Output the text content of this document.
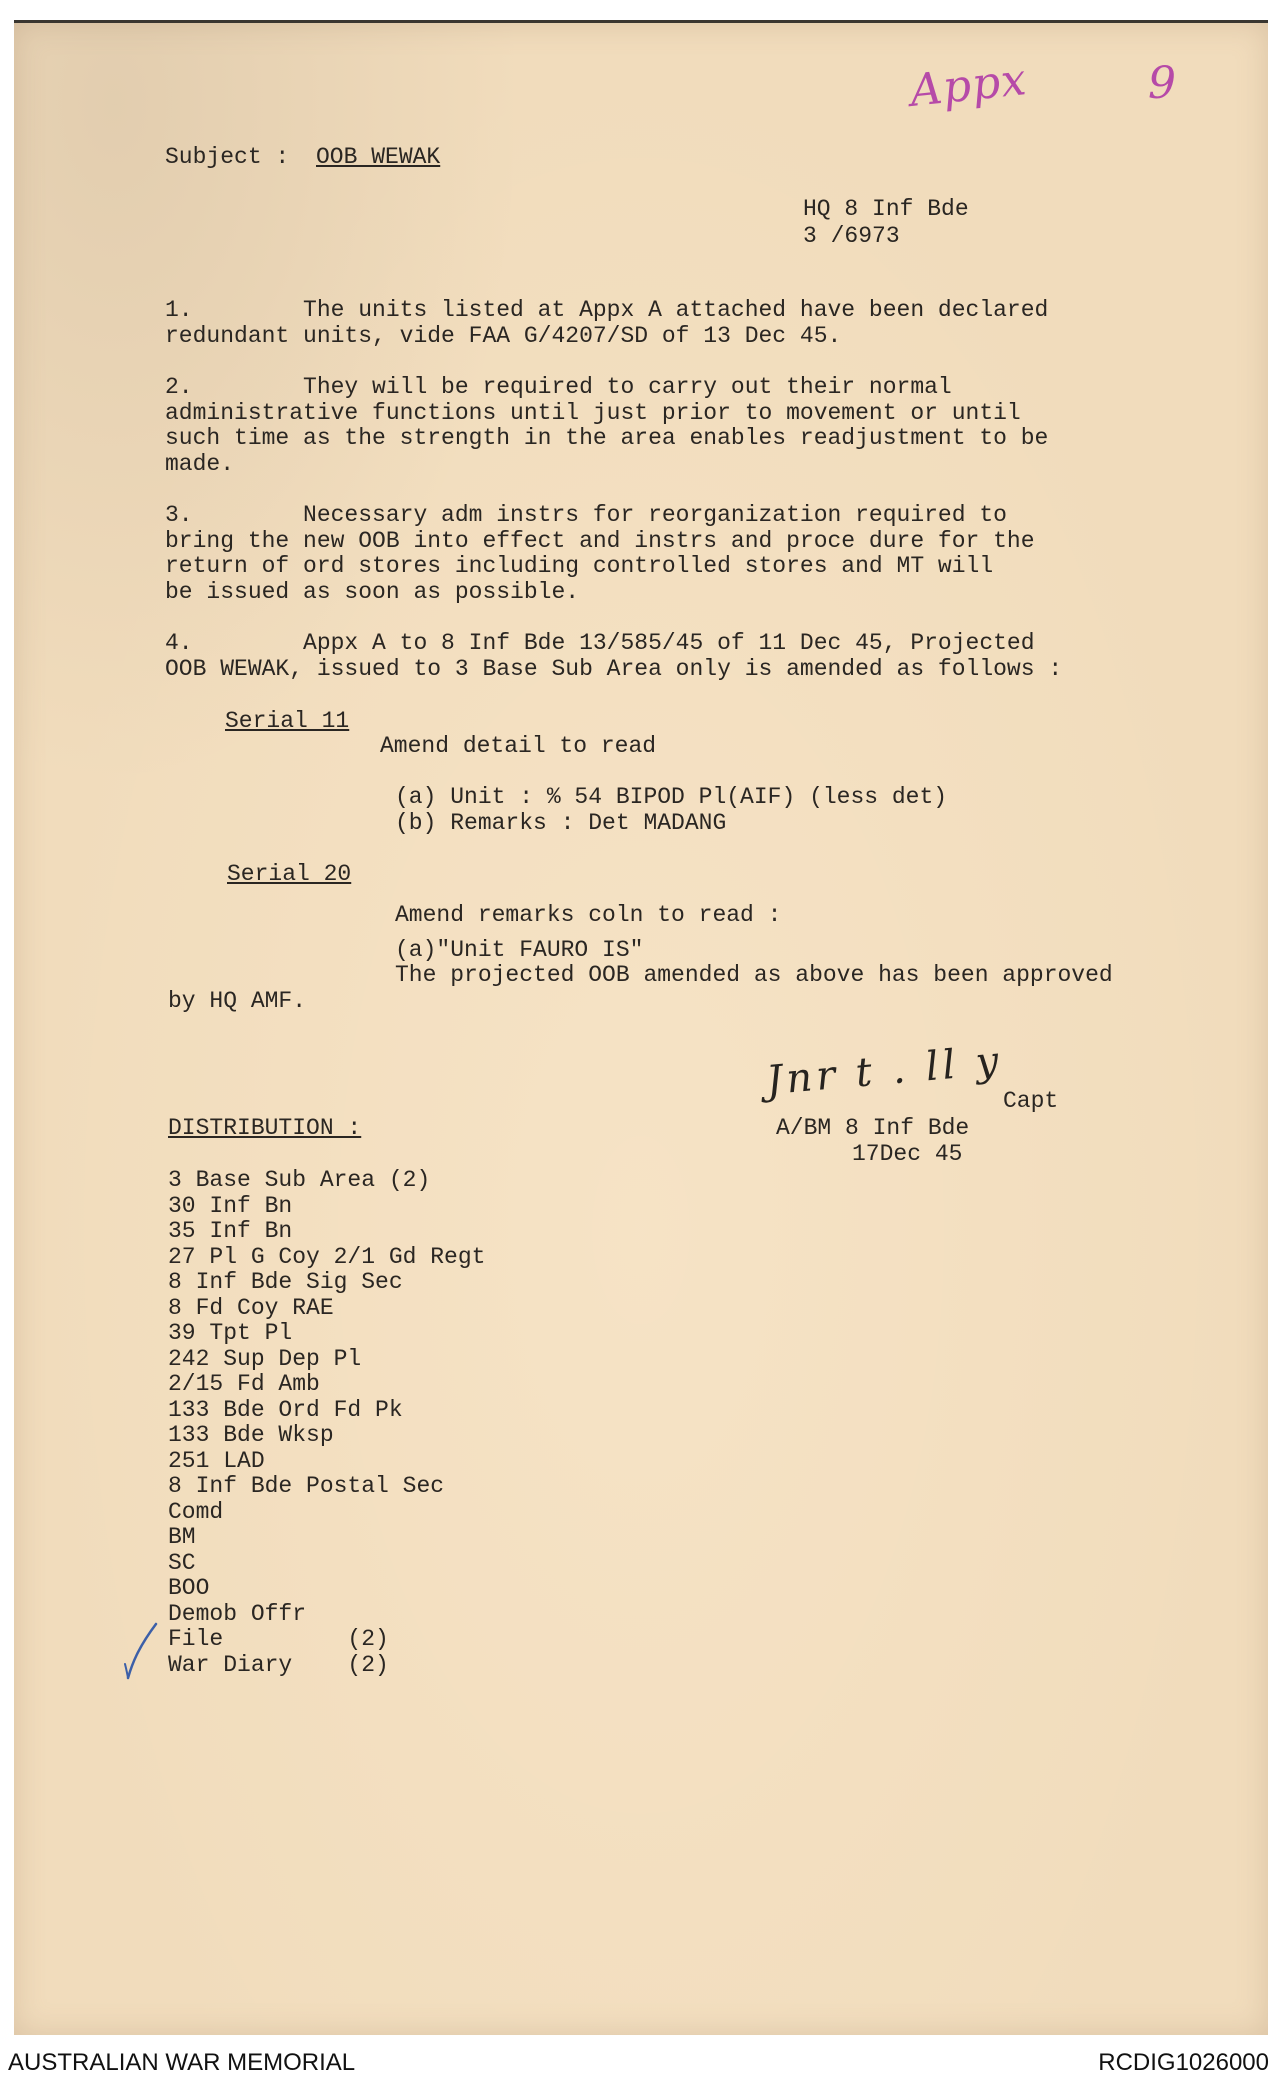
Appx	9
Subject : OOB WEWAK
HQ 8 Inf Bde
3 /6973
1.        The units listed at Appx A attached have been declared
redundant units, vide FAA G/4207/SD of 13 Dec 45.
2.        They will be required to carry out their normal
administrative functions until just prior to movement or until
such time as the strength in the area enables readjustment to be
made.
3.        Necessary adm instrs for reorganization required to
bring the new OOB into effect and instrs and proce dure for the
return of ord stores including controlled stores and MT will
be issued as soon as possible.
4.        Appx A to 8 Inf Bde 13/585/45 of 11 Dec 45, Projected
OOB WEWAK, issued to 3 Base Sub Area only is amended as follows :
Serial 11
Amend detail to read
(a) Unit : % 54 BIPOD Pl(AIF) (less det)
(b) Remarks : Det MADANG
Serial 20
Amend remarks coln to read :
(a)"Unit FAURO IS"
The projected OOB amended as above has been approved
by HQ AMF.
Jnr t . ll y
Capt
A/BM 8 Inf Bde
17Dec 45
DISTRIBUTION :
3 Base Sub Area (2)
30 Inf Bn
35 Inf Bn
27 Pl G Coy 2/1 Gd Regt
8 Inf Bde Sig Sec
8 Fd Coy RAE
39 Tpt Pl
242 Sup Dep Pl
2/15 Fd Amb
133 Bde Ord Fd Pk
133 Bde Wksp
251 LAD
8 Inf Bde Postal Sec
Comd
BM
SC
BOO
Demob Offr
File         (2)
War Diary    (2)
AUSTRALIAN WAR MEMORIAL	RCDIG1026000
